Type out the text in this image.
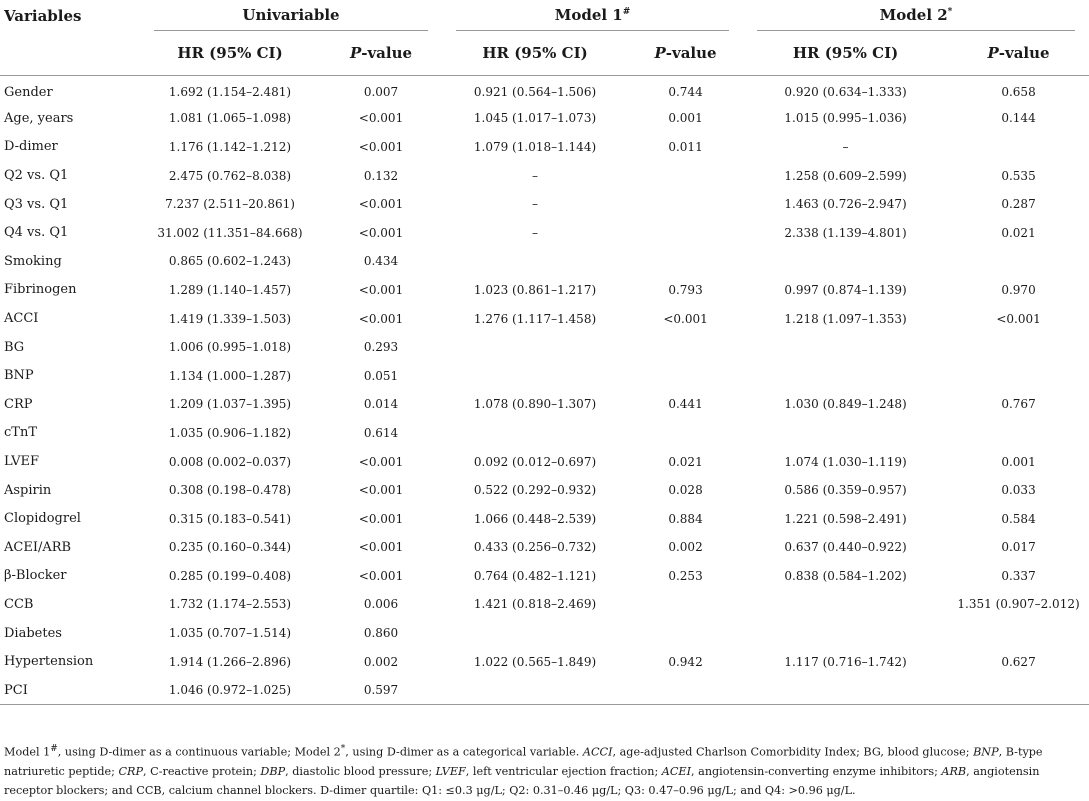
Variables	Univariable		Model 1#		Model 2*

	HR (95% CI)	P-value	HR (95% CI)	P-value	HR (95% CI)	P-value
Gender	1.692 (1.154–2.481)	0.007	0.921 (0.564–1.506)	0.744	0.920 (0.634–1.333)	0.658
Age, years	1.081 (1.065–1.098)	<0.001	1.045 (1.017–1.073)	0.001	1.015 (0.995–1.036)	0.144
D-dimer	1.176 (1.142–1.212)	<0.001	1.079 (1.018–1.144)	0.011	–	
Q2 vs. Q1	2.475 (0.762–8.038)	0.132	–		1.258 (0.609–2.599)	0.535
Q3 vs. Q1	7.237 (2.511–20.861)	<0.001	–		1.463 (0.726–2.947)	0.287
Q4 vs. Q1	31.002 (11.351–84.668)	<0.001	–		2.338 (1.139–4.801)	0.021
Smoking	0.865 (0.602–1.243)	0.434				
Fibrinogen	1.289 (1.140–1.457)	<0.001	1.023 (0.861–1.217)	0.793	0.997 (0.874–1.139)	0.970
ACCI	1.419 (1.339–1.503)	<0.001	1.276 (1.117–1.458)	<0.001	1.218 (1.097–1.353)	<0.001
BG	1.006 (0.995–1.018)	0.293				
BNP	1.134 (1.000–1.287)	0.051				
CRP	1.209 (1.037–1.395)	0.014	1.078 (0.890–1.307)	0.441	1.030 (0.849–1.248)	0.767
cTnT	1.035 (0.906–1.182)	0.614				
LVEF	0.008 (0.002–0.037)	<0.001	0.092 (0.012–0.697)	0.021	1.074 (1.030–1.119)	0.001
Aspirin	0.308 (0.198–0.478)	<0.001	0.522 (0.292–0.932)	0.028	0.586 (0.359–0.957)	0.033
Clopidogrel	0.315 (0.183–0.541)	<0.001	1.066 (0.448–2.539)	0.884	1.221 (0.598–2.491)	0.584
ACEI/ARB	0.235 (0.160–0.344)	<0.001	0.433 (0.256–0.732)	0.002	0.637 (0.440–0.922)	0.017
β-Blocker	0.285 (0.199–0.408)	<0.001	0.764 (0.482–1.121)	0.253	0.838 (0.584–1.202)	0.337
CCB	1.732 (1.174–2.553)	0.006	1.421 (0.818–2.469)			1.351 (0.907–2.012)
Diabetes	1.035 (0.707–1.514)	0.860				
Hypertension	1.914 (1.266–2.896)	0.002	1.022 (0.565–1.849)	0.942	1.117 (0.716–1.742)	0.627
PCI	1.046 (0.972–1.025)	0.597				
Model 1#, using D-dimer as a continuous variable; Model 2*, using D-dimer as a categorical variable. ACCI, age-adjusted Charlson Comorbidity Index; BG, blood glucose; BNP, B-type natriuretic peptide; CRP, C-reactive protein; DBP, diastolic blood pressure; LVEF, left ventricular ejection fraction; ACEI, angiotensin-converting enzyme inhibitors; ARB, angiotensin receptor blockers; and CCB, calcium channel blockers. D-dimer quartile: Q1: ≤0.3 μg/L; Q2: 0.31–0.46 μg/L; Q3: 0.47–0.96 μg/L; and Q4: >0.96 μg/L.
